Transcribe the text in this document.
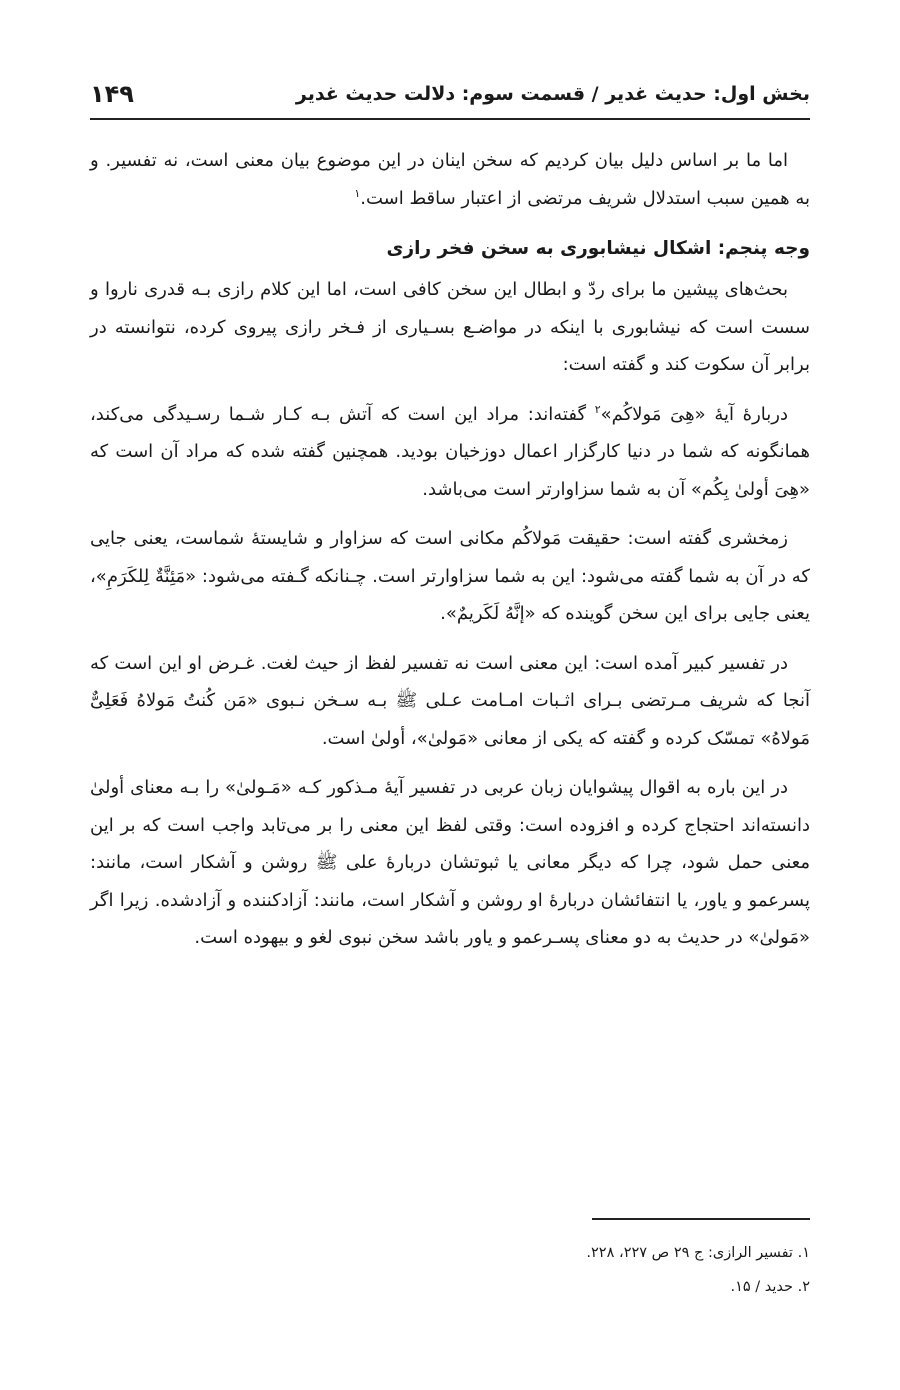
بخش اول: حدیث غدیر / قسمت سوم: دلالت حدیث غدیر
۱۴۹

اما ما بر اساس دلیل بیان کردیم که سخن اینان در این موضوع بیان معنی است، نه تفسیر. و به همین سبب استدلال شریف مرتضی از اعتبار ساقط است.$^۱$

وجه پنجم: اشکال نیشابوری به سخن فخر رازی

بحث‌های پیشین ما برای ردّ و ابطال این سخن کافی است، اما این کلام رازی بـه قدری ناروا و سست است که نیشابوری با اینکه در مواضـع بسـیاری از فـخر رازی پیروی کرده، نتوانسته در برابر آن سکوت کند و گفته است:

دربارهٔ آیهٔ «هِیَ مَولاکُم»$^۲$ گفته‌اند: مراد این است که آتش بـه کـار شـما رسـیدگی می‌کند، همانگونه که شما در دنیا کارگزار اعمال دوزخیان بودید. همچنین گفته شده که مراد آن است که «هِیَ أولیٰ بِکُم» آن به شما سزاوارتر است می‌باشد.

زمخشری گفته است: حقیقت مَولاکُم مکانی است که سزاوار و شایستهٔ شماست، یعنی جایی که در آن به شما گفته می‌شود: این به شما سزاوارتر است. چـنانکه گـفته می‌شود: «مَئِنَّةٌ لِلکَرَمِ»، یعنی جایی برای این سخن گوینده که «إنَّهُ لَکَریمٌ».

در تفسیر کبیر آمده است: این معنی است نه تفسیر لفظ از حیث لغت. غـرض او این است که آنجا که شریف مـرتضی بـرای اثـبات امـامت عـلی ﷺ بـه سـخن نـبوی «مَن کُنتُ مَولاهُ فَعَلِیٌّ مَولاهُ» تمسّک کرده و گفته که یکی از معانی «مَولیٰ»، أولیٰ است.

در این باره به اقوال پیشوایان زبان عربی در تفسیر آیهٔ مـذکور کـه «مَـولیٰ» را بـه معنای أولیٰ دانسته‌اند احتجاج کرده و افزوده است: وقتی لفظ این معنی را بر می‌تابد واجب است که بر این معنی حمل شود، چرا که دیگر معانی یا ثبوتشان دربارهٔ علی ﷺ روشن و آشکار است، مانند: پسرعمو و یاور، یا انتفائشان دربارهٔ او روشن و آشکار است، مانند: آزادکننده و آزادشده. زیرا اگر «مَولیٰ» در حدیث به دو معنای پسـرعمو و یاور باشد سخن نبوی لغو و بیهوده است.

۱. تفسیر الرازی: ج ۲۹ ص ۲۲۷، ۲۲۸.
۲. حدید / ۱۵.
